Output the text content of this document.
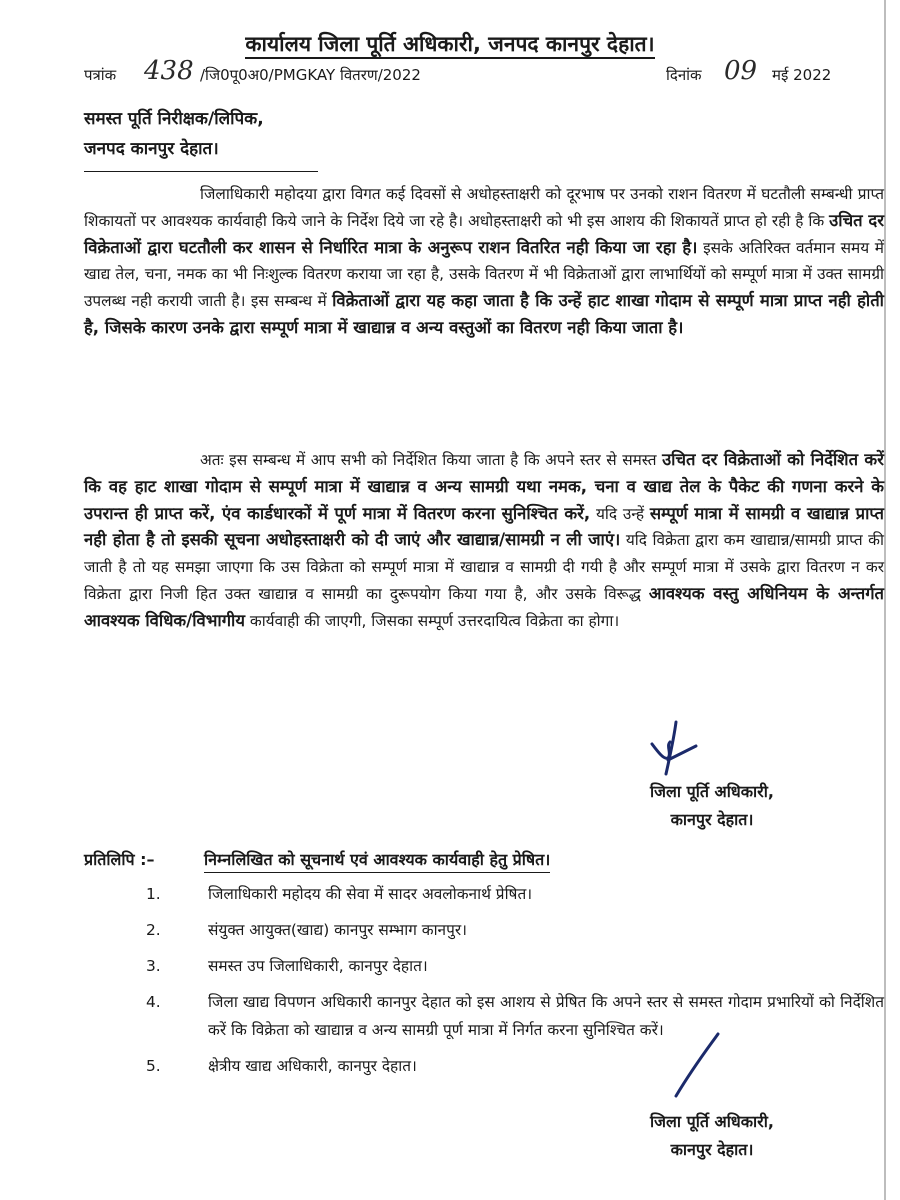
कार्यालय जिला पूर्ति अधिकारी, जनपद कानपुर देहात।
पत्रांक 438 /जि0पू0अ0/PMGKAY वितरण/2022	दिनांक 09 मई 2022
समस्त पूर्ति निरीक्षक/लिपिक,
जनपद कानपुर देहात।
जिलाधिकारी महोदया द्वारा विगत कई दिवसों से अधोहस्ताक्षरी को दूरभाष पर उनको राशन वितरण में घटतौली सम्बन्धी प्राप्त शिकायतों पर आवश्यक कार्यवाही किये जाने के निर्देश दिये जा रहे है। अधोहस्ताक्षरी को भी इस आशय की शिकायतें प्राप्त हो रही है कि उचित दर विक्रेताओं द्वारा घटतौली कर शासन से निर्धारित मात्रा के अनुरूप राशन वितरित नही किया जा रहा है। इसके अतिरिक्त वर्तमान समय में खाद्य तेल, चना, नमक का भी निःशुल्क वितरण कराया जा रहा है, उसके वितरण में भी विक्रेताओं द्वारा लाभार्थियों को सम्पूर्ण मात्रा में उक्त सामग्री उपलब्ध नही करायी जाती है। इस सम्बन्ध में विक्रेताओं द्वारा यह कहा जाता है कि उन्हें हाट शाखा गोदाम से सम्पूर्ण मात्रा प्राप्त नही होती है, जिसके कारण उनके द्वारा सम्पूर्ण मात्रा में खाद्यान्न व अन्य वस्तुओं का वितरण नही किया जाता है।
अतः इस सम्बन्ध में आप सभी को निर्देशित किया जाता है कि अपने स्तर से समस्त उचित दर विक्रेताओं को निर्देशित करें कि वह हाट शाखा गोदाम से सम्पूर्ण मात्रा में खाद्यान्न व अन्य सामग्री यथा नमक, चना व खाद्य तेल के पैकेट की गणना करने के उपरान्त ही प्राप्त करें, एंव कार्डधारकों में पूर्ण मात्रा में वितरण करना सुनिश्चित करें, यदि उन्हें सम्पूर्ण मात्रा में सामग्री व खाद्यान्न प्राप्त नही होता है तो इसकी सूचना अधोहस्ताक्षरी को दी जाएं और खाद्यान्न/सामग्री न ली जाएं। यदि विक्रेता द्वारा कम खाद्यान्न/सामग्री प्राप्त की जाती है तो यह समझा जाएगा कि उस विक्रेता को सम्पूर्ण मात्रा में खाद्यान्न व सामग्री दी गयी है और सम्पूर्ण मात्रा में उसके द्वारा वितरण न कर विक्रेता द्वारा निजी हित उक्त खाद्यान्न व सामग्री का दुरूपयोग किया गया है, और उसके विरूद्ध आवश्यक वस्तु अधिनियम के अन्तर्गत आवश्यक विधिक/विभागीय कार्यवाही की जाएगी, जिसका सम्पूर्ण उत्तरदायित्व विक्रेता का होगा।
जिला पूर्ति अधिकारी,
कानपुर देहात।
प्रतिलिपि :–	निम्नलिखित को सूचनार्थ एवं आवश्यक कार्यवाही हेतु प्रेषित।
1.	जिलाधिकारी महोदय की सेवा में सादर अवलोकनार्थ प्रेषित।
2.	संयुक्त आयुक्त(खाद्य) कानपुर सम्भाग कानपुर।
3.	समस्त उप जिलाधिकारी, कानपुर देहात।
4.	जिला खाद्य विपणन अधिकारी कानपुर देहात को इस आशय से प्रेषित कि अपने स्तर से समस्त गोदाम प्रभारियों को निर्देशित करें कि विक्रेता को खाद्यान्न व अन्य सामग्री पूर्ण मात्रा में निर्गत करना सुनिश्चित करें।
5.	क्षेत्रीय खाद्य अधिकारी, कानपुर देहात।
जिला पूर्ति अधिकारी,
कानपुर देहात।
